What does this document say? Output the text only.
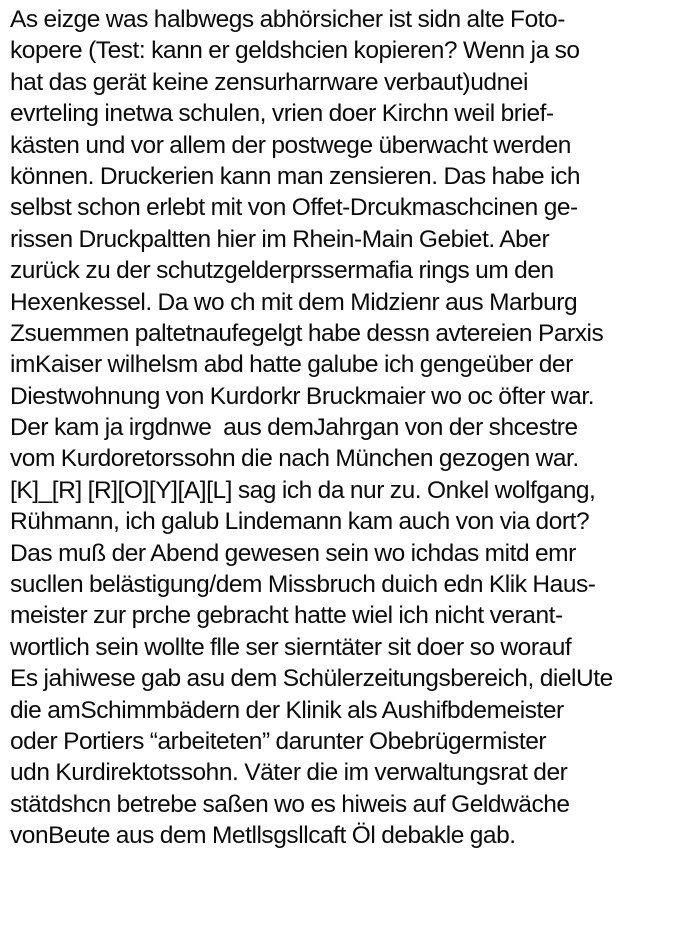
As eizge was halbwegs abhörsicher ist sidn alte Foto-
kopere (Test: kann er geldshcien kopieren? Wenn ja so
hat das gerät keine zensurharrware verbaut)udnei
evrteling inetwa schulen, vrien doer Kirchn weil brief-
kästen und vor allem der postwege überwacht werden
können. Druckerien kann man zensieren. Das habe ich
selbst schon erlebt mit von Offet-Drcukmaschcinen ge-
rissen Druckpaltten hier im Rhein-Main Gebiet. Aber
zurück zu der schutzgelderprssermafia rings um den
Hexenkessel. Da wo ch mit dem Midzienr aus Marburg
Zsuemmen paltetnaufegelgt habe dessn avtereien Parxis
imKaiser wilhelsm abd hatte galube ich gengeüber der
Diestwohnung von Kurdorkr Bruckmaier wo oc öfter war.
Der kam ja irgdnwe  aus demJahrgan von der shcestre
vom Kurdoretorssohn die nach München gezogen war.
[K]_[R] [R][O][Y][A][L] sag ich da nur zu. Onkel wolfgang,
Rühmann, ich galub Lindemann kam auch von via dort?
Das muß der Abend gewesen sein wo ichdas mitd emr
sucllen belästigung/dem Missbruch duich edn Klik Haus-
meister zur prche gebracht hatte wiel ich nicht verant-
wortlich sein wollte flle ser sierntäter sit doer so worauf
Es jahiwese gab asu dem Schülerzeitungsbereich, dielUte
die amSchimmbädern der Klinik als Aushifbdemeister
oder Portiers “arbeiteten” darunter Obebrügermister
udn Kurdirektotssohn. Väter die im verwaltungsrat der
stätdshcn betrebe saßen wo es hiweis auf Geldwäche
vonBeute aus dem Metllsgsllcaft Öl debakle gab.
